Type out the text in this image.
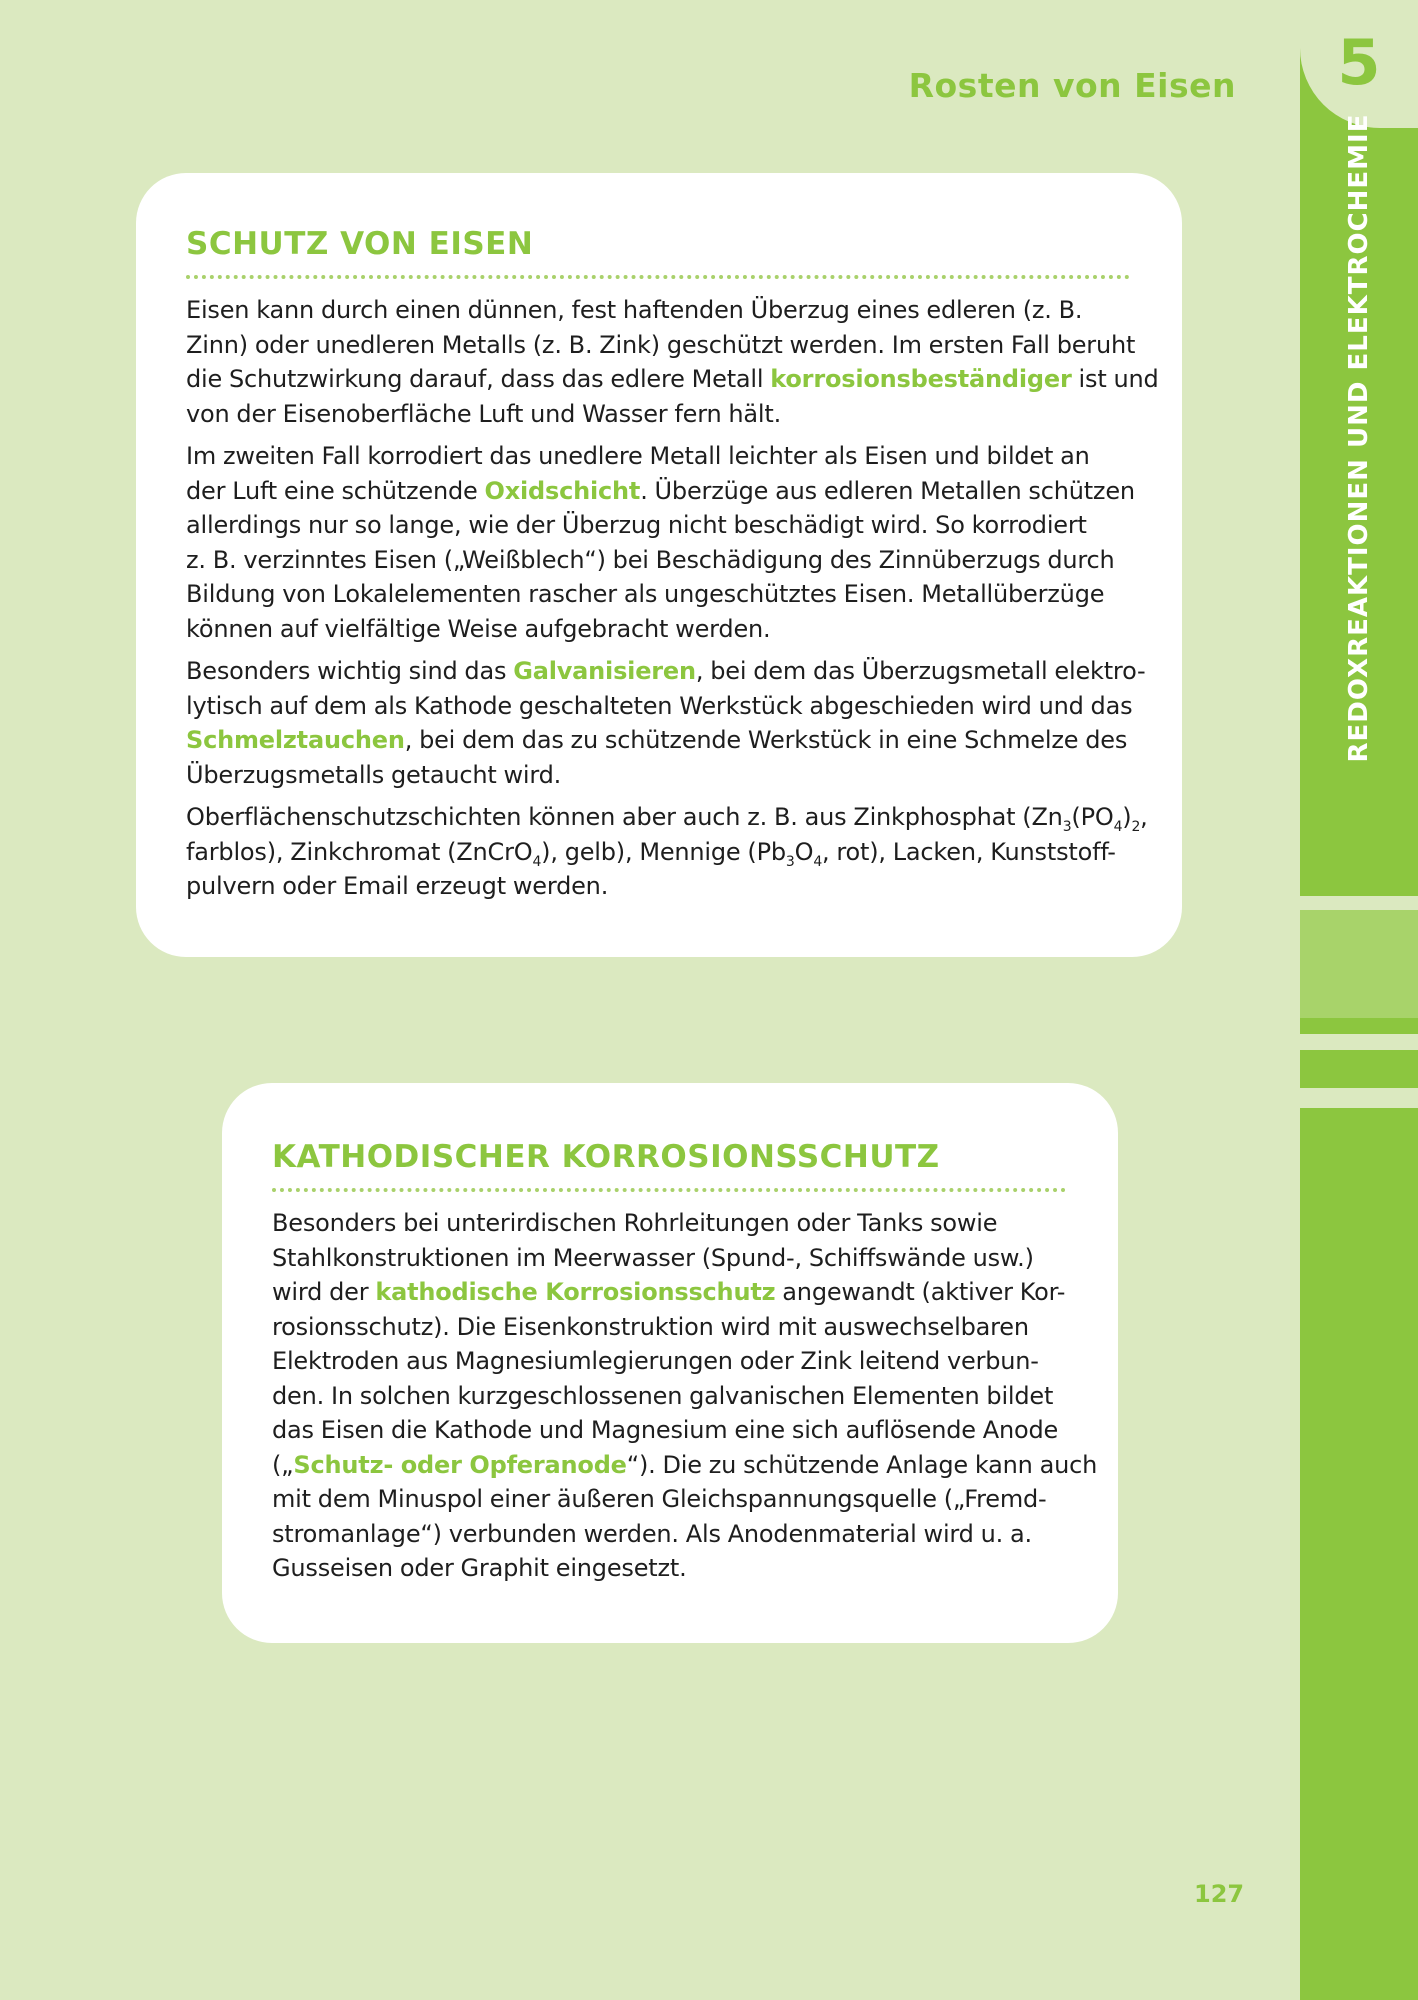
Rosten von Eisen	5
REDOXREAKTIONEN UND ELEKTROCHEMIE
SCHUTZ VON EISEN

Eisen kann durch einen dünnen, fest haftenden Überzug eines edleren (z. B.
Zinn) oder unedleren Metalls (z. B. Zink) geschützt werden. Im ersten Fall beruht
die Schutzwirkung darauf, dass das edlere Metall korrosionsbeständiger ist und
von der Eisenoberfläche Luft und Wasser fern hält.

Im zweiten Fall korrodiert das unedlere Metall leichter als Eisen und bildet an
der Luft eine schützende Oxidschicht. Überzüge aus edleren Metallen schützen
allerdings nur so lange, wie der Überzug nicht beschädigt wird. So korrodiert
z. B. verzinntes Eisen („Weißblech“) bei Beschädigung des Zinnüberzugs durch
Bildung von Lokalelementen rascher als ungeschütztes Eisen. Metallüberzüge
können auf vielfältige Weise aufgebracht werden.

Besonders wichtig sind das Galvanisieren, bei dem das Überzugsmetall elektro-
lytisch auf dem als Kathode geschalteten Werkstück abgeschieden wird und das
Schmelztauchen, bei dem das zu schützende Werkstück in eine Schmelze des
Überzugsmetalls getaucht wird.

Oberflächenschutzschichten können aber auch z. B. aus Zinkphosphat ($Zn_3(PO_4)_2$,
farblos), Zinkchromat (ZnCrO$_4$), gelb), Mennige ($Pb_3O_4$, rot), Lacken, Kunststoff-
pulvern oder Email erzeugt werden.

KATHODISCHER KORROSIONSSCHUTZ

Besonders bei unterirdischen Rohrleitungen oder Tanks sowie
Stahlkonstruktionen im Meerwasser (Spund-, Schiffswände usw.)
wird der kathodische Korrosionsschutz angewandt (aktiver Kor-
rosionsschutz). Die Eisenkonstruktion wird mit auswechselbaren
Elektroden aus Magnesiumlegierungen oder Zink leitend verbun-
den. In solchen kurzgeschlossenen galvanischen Elementen bildet
das Eisen die Kathode und Magnesium eine sich auflösende Anode
(„Schutz- oder Opferanode“). Die zu schützende Anlage kann auch
mit dem Minuspol einer äußeren Gleichspannungsquelle („Fremd-
stromanlage“) verbunden werden. Als Anodenmaterial wird u. a.
Gusseisen oder Graphit eingesetzt.

127
